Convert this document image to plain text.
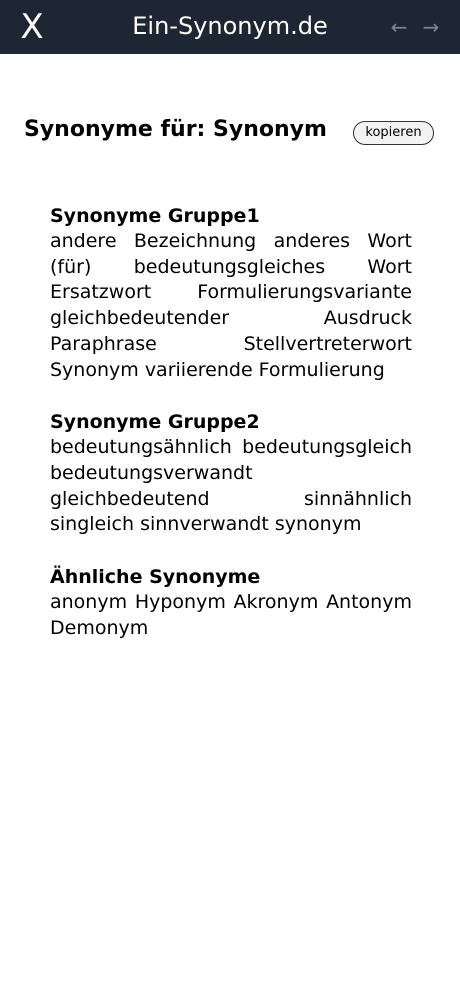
X	Ein-Synonym.de	← →
Synonyme für: Synonym	kopieren
Synonyme Gruppe1
andere Bezeichnung anderes Wort (für) bedeutungsgleiches Wort Ersatzwort Formulierungsvariante gleichbedeutender Ausdruck Paraphrase	Stellvertreterwort Synonym variierende Formulierung
Synonyme Gruppe2
bedeutungsähnlich bedeutungsgleich bedeutungsverwandt gleichbedeutend	sinnähnlich singleich sinnverwandt synonym
Ähnliche Synonyme
anonym Hyponym Akronym Antonym Demonym
